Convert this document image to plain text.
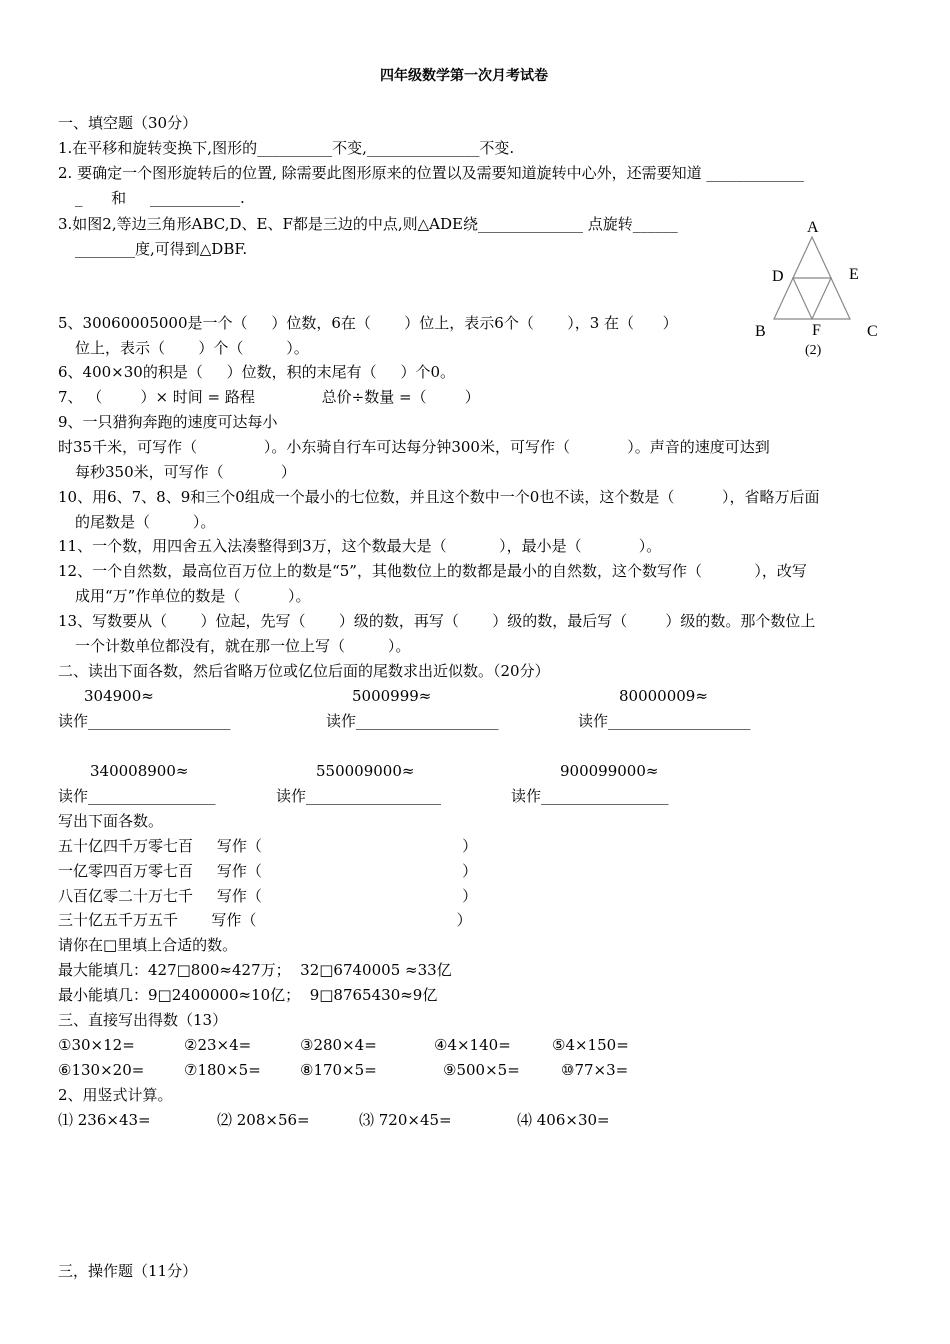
四年级数学第一次月考试卷
一、填空题（30分）
1.在平移和旋转变换下,图形的__________不变,_______________不变.
2. 要确定一个图形旋转后的位置, 除需要此图形原来的位置以及需要知道旋转中心外，还需要知道 _____________
_      和     ____________.
3.如图2,等边三角形ABC,D、E、F都是三边的中点,则△ADE绕______________ 点旋转______
________度,可得到△DBF.
5、30060005000是一个（     ）位数，6在（       ）位上，表示6个（       ），3 在（      ）
位上，表示（       ）个（         ）。
6、400×30的积是（     ）位数，积的末尾有（     ）个0。
7、 （        ）× 时间 = 路程              总价÷数量 =（        ）
9、一只猎狗奔跑的速度可达每小
时35千米，可写作（              ）。小东骑自行车可达每分钟300米，可写作（            ）。声音的速度可达到
每秒350米，可写作（            ）
10、用6、7、8、9和三个0组成一个最小的七位数，并且这个数中一个0也不读，这个数是（          ），省略万后面
的尾数是（         ）。
11、一个数，用四舍五入法凑整得到3万，这个数最大是（           ），最小是（            ）。
12、一个自然数，最高位百万位上的数是“5”，其他数位上的数都是最小的自然数，这个数写作（           ），改写
成用“万”作单位的数是（          ）。
13、写数要从（       ）位起，先写（       ）级的数，再写（       ）级的数，最后写（        ）级的数。那个数位上
一个计数单位都没有，就在那一位上写（         ）。
二、读出下面各数，然后省略万位或亿位后面的尾数求出近似数。（20分）
304900≈	5000999≈	80000009≈
读作___________________	读作___________________	读作___________________
340008900≈	550009000≈	900099000≈
读作_________________	读作__________________	读作_________________
写出下面各数。
五十亿四千万零七百     写作（                                          ）
一亿零四百万零七百     写作（                                          ）
八百亿零二十万七千     写作（                                          ）
三十亿五千万五千       写作（                                          ）
请你在□里填上合适的数。
最大能填几：427□800≈427万；  32□6740005 ≈33亿
最小能填几：9□2400000≈10亿；  9□8765430≈9亿
三、直接写出得数（13）
①30×12=	②23×4=	③280×4=	④4×140=	⑤4×150=
⑥130×20=	⑦180×5=	⑧170×5=	⑨500×5=	⑩77×3=
2、用竖式计算。
⑴ 236×43=	⑵ 208×56=	⑶ 720×45=	⑷ 406×30=
三，操作题（11分）
A
B	C
D	E
F
(2)
